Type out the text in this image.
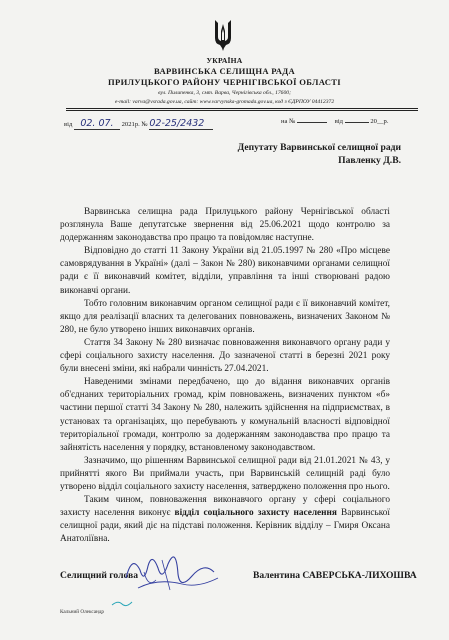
УКРАЇНА
ВАРВИНСЬКА СЕЛИЩНА РАДА
ПРИЛУЦЬКОГО РАЙОНУ ЧЕРНІГІВСЬКОЇ ОБЛАСТІ
вул. Пилипенка, 3, смт. Варва, Чернігівська обл., 17600;
e-mail: varva@vsrada.gov.ua, сайт: www.varvynska-gromada.gov.ua, код з ЄДРПОУ 04412372
від 02. 07. 2021р. № 02-25/2432	на №	від	20__р.
Депутату Варвинської селищної ради
Павленку Д.В.

Варвинська селищна рада Прилуцького району Чернігівської області розглянула Ваше депутатське звернення від 25.06.2021 щодо контролю за додержанням законодавства про працю та повідомляє наступне.

Відповідно до статті 11 Закону України від 21.05.1997 № 280 «Про місцеве самоврядування в Україні» (далі – Закон № 280) виконавчими органами селищної ради є її виконавчий комітет, відділи, управління та інші створювані радою виконавчі органи.

Тобто головним виконавчим органом селищної ради є її виконавчий комітет, якщо для реалізації власних та делегованих повноважень, визначених Законом № 280, не було утворено інших виконавчих органів.

Стаття 34 Закону № 280 визначає повноваження виконавчого органу ради у сфері соціального захисту населення. До зазначеної статті в березні 2021 року були внесені зміни, які набрали чинність 27.04.2021.

Наведеними змінами передбачено, що до відання виконавчих органів об'єднаних територіальних громад, крім повноважень, визначених пунктом «б» частини першої статті 34 Закону № 280, належить здійснення на підприємствах, в установах та організаціях, що перебувають у комунальній власності відповідної територіальної громади, контролю за додержанням законодавства про працю та зайнятість населення у порядку, встановленому законодавством.

Зазначимо, що рішенням Варвинської селищної ради від 21.01.2021 № 43, у прийнятті якого Ви приймали участь, при Варвинській селищній раді було утворено відділ соціального захисту населення, затверджено положення про нього.

Таким чином, повноваження виконавчого органу у сфері соціального захисту населення виконує відділ соціального захисту населення Варвинської селищної ради, який діє на підставі положення. Керівник відділу – Гмиря Оксана Анатоліївна.

Селищний голова	Валентина САВЕРСЬКА-ЛИХОШВА
Кальний Олександр
